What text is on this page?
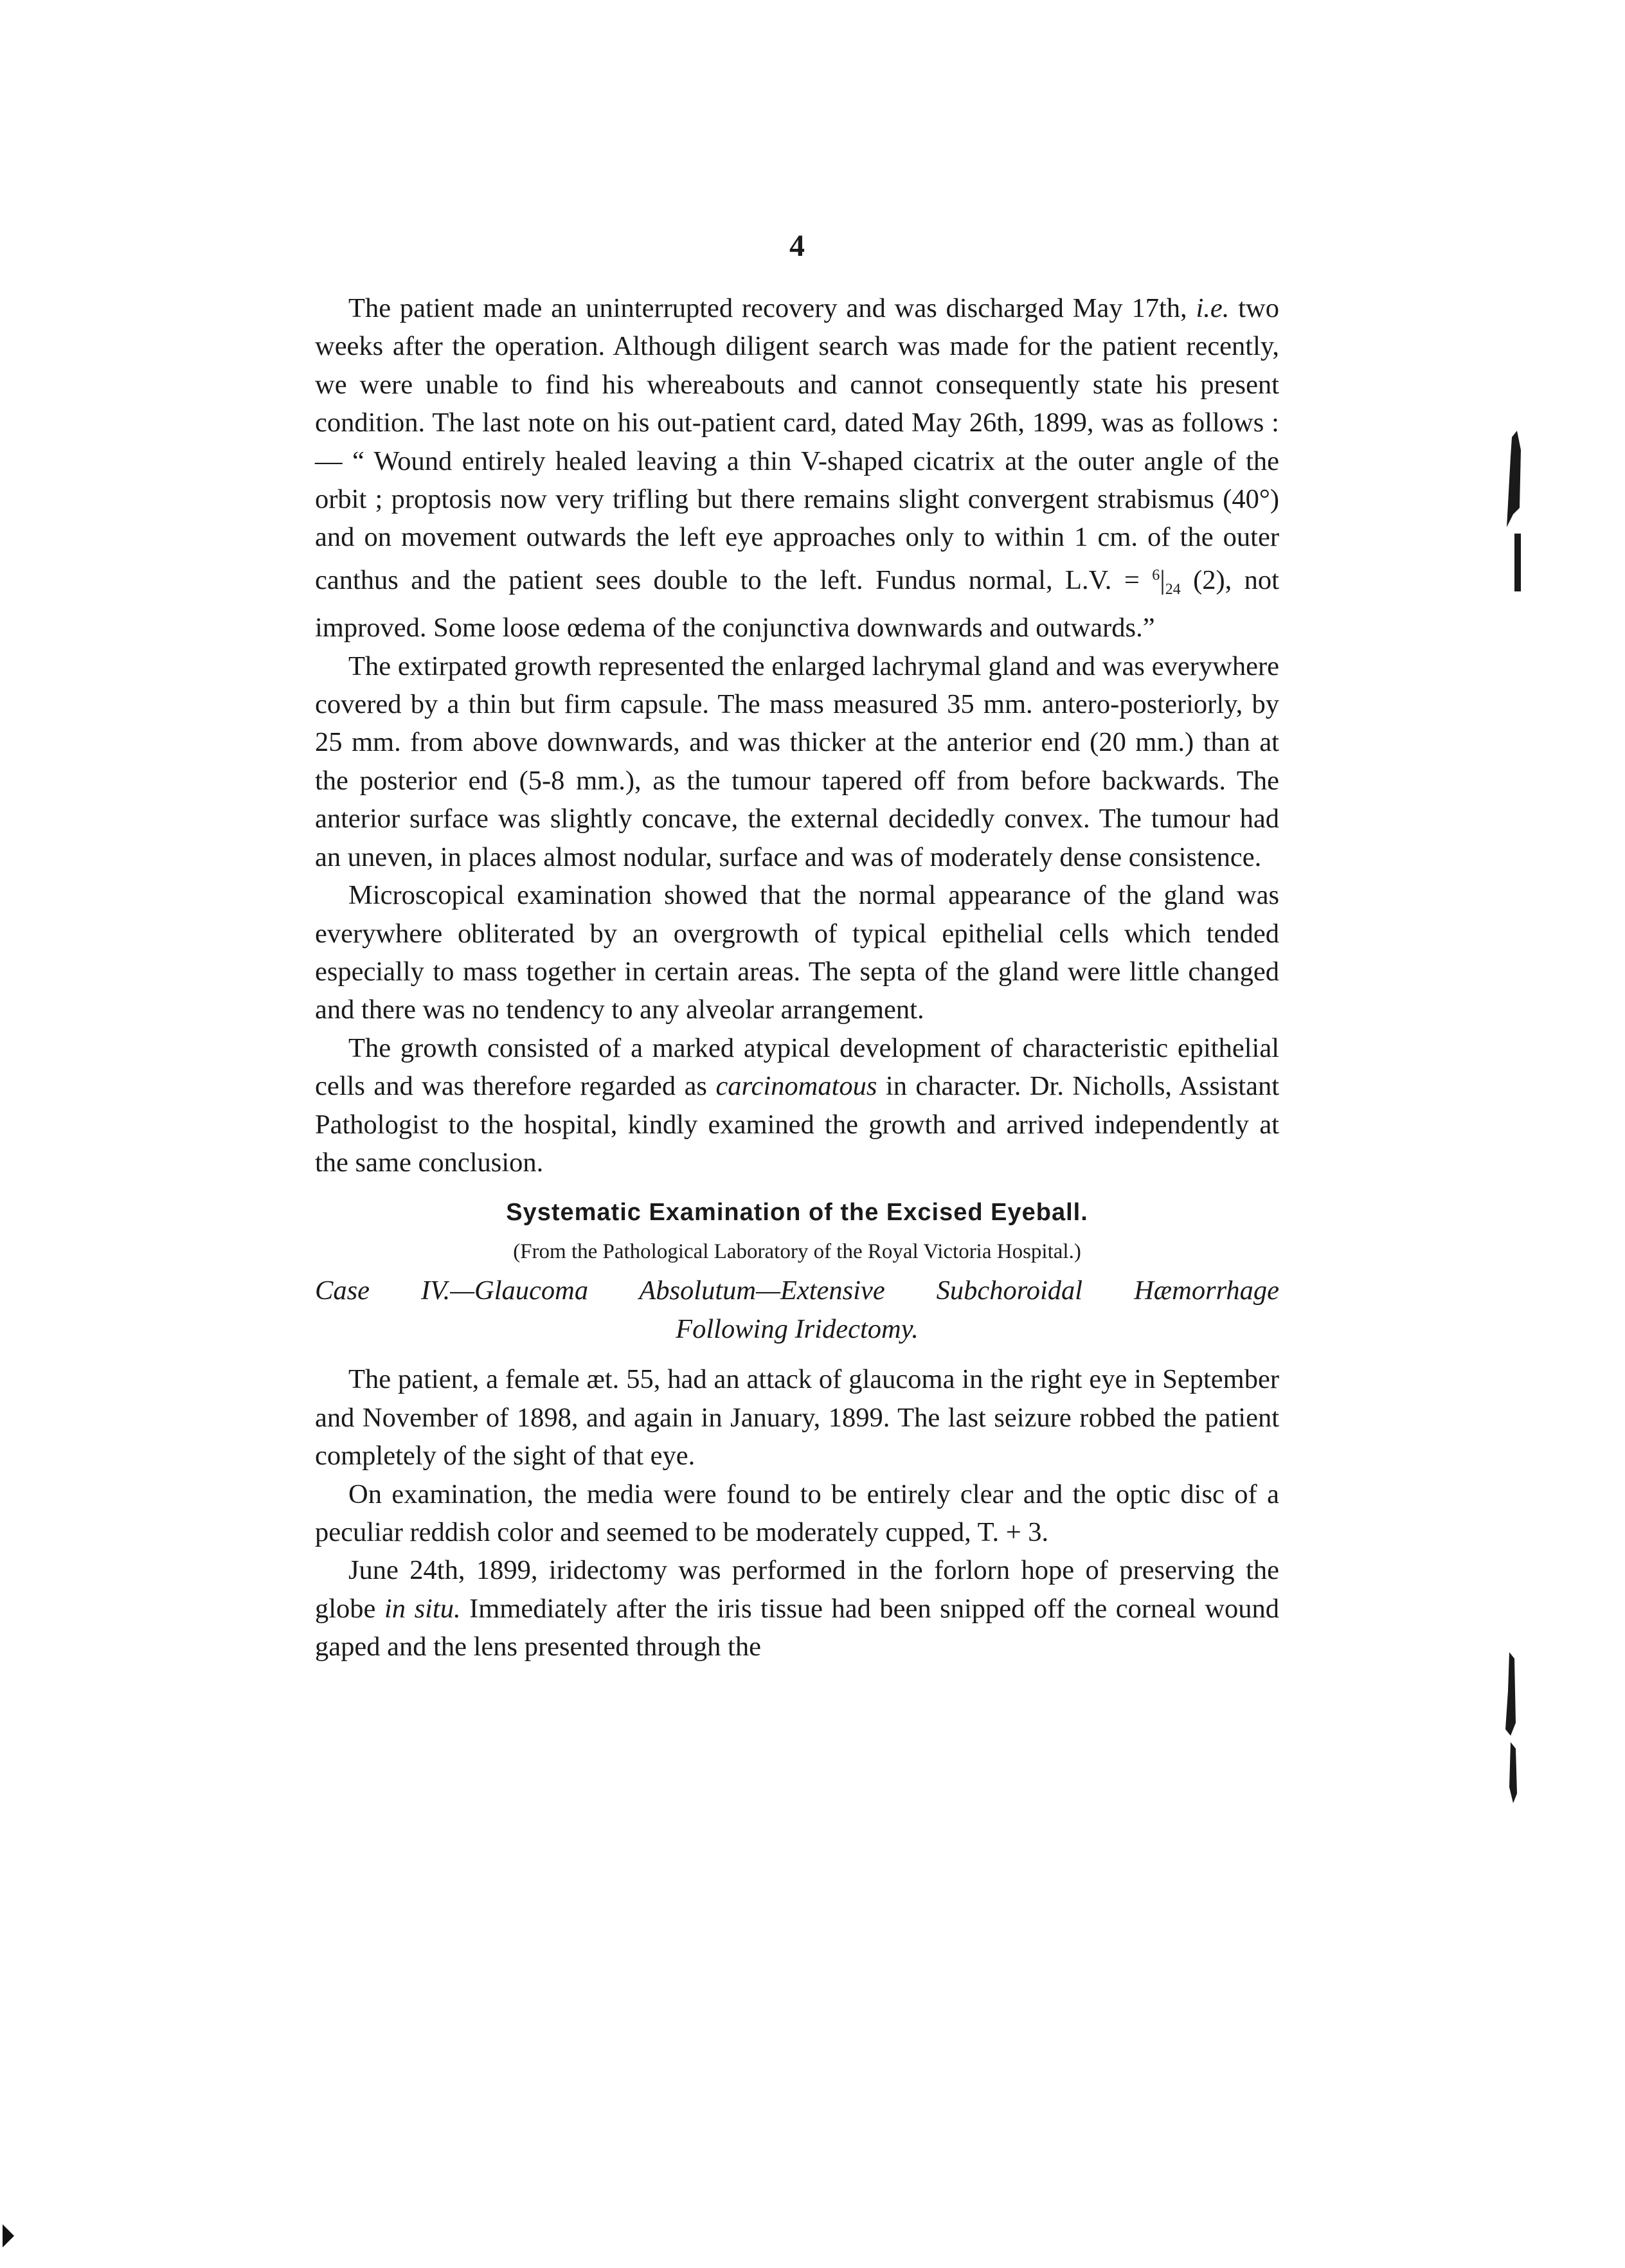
4

The patient made an uninterrupted recovery and was discharged May 17th, i.e. two weeks after the operation. Although diligent search was made for the patient recently, we were unable to find his whereabouts and cannot consequently state his present condition. The last note on his out-patient card, dated May 26th, 1899, was as follows :— “ Wound entirely healed leaving a thin V-shaped cicatrix at the outer angle of the orbit ; proptosis now very trifling but there remains slight convergent strabismus (40°) and on movement outwards the left eye approaches only to within 1 cm. of the outer canthus and the patient sees double to the left. Fundus normal, L.V. = $^6|_{24}$ (2), not improved. Some loose œdema of the conjunctiva downwards and outwards.”

The extirpated growth represented the enlarged lachrymal gland and was everywhere covered by a thin but firm capsule. The mass measured 35 mm. antero-posteriorly, by 25 mm. from above downwards, and was thicker at the anterior end (20 mm.) than at the posterior end (5-8 mm.), as the tumour tapered off from before backwards. The anterior surface was slightly concave, the external decidedly convex. The tumour had an uneven, in places almost nodular, surface and was of moderately dense consistence.

Microscopical examination showed that the normal appearance of the gland was everywhere obliterated by an overgrowth of typical epithelial cells which tended especially to mass together in certain areas. The septa of the gland were little changed and there was no tendency to any alveolar arrangement.

The growth consisted of a marked atypical development of characteristic epithelial cells and was therefore regarded as carcinomatous in character. Dr. Nicholls, Assistant Pathologist to the hospital, kindly examined the growth and arrived independently at the same conclusion.

Systematic Examination of the Excised Eyeball.
(From the Pathological Laboratory of the Royal Victoria Hospital.)
Case IV.—Glaucoma Absolutum—Extensive Subchoroidal Hæmorrhage
Following Iridectomy.

The patient, a female æt. 55, had an attack of glaucoma in the right eye in September and November of 1898, and again in January, 1899. The last seizure robbed the patient completely of the sight of that eye.

On examination, the media were found to be entirely clear and the optic disc of a peculiar reddish color and seemed to be moderately cupped, T. + 3.

June 24th, 1899, iridectomy was performed in the forlorn hope of preserving the globe in situ. Immediately after the iris tissue had been snipped off the corneal wound gaped and the lens presented through the
